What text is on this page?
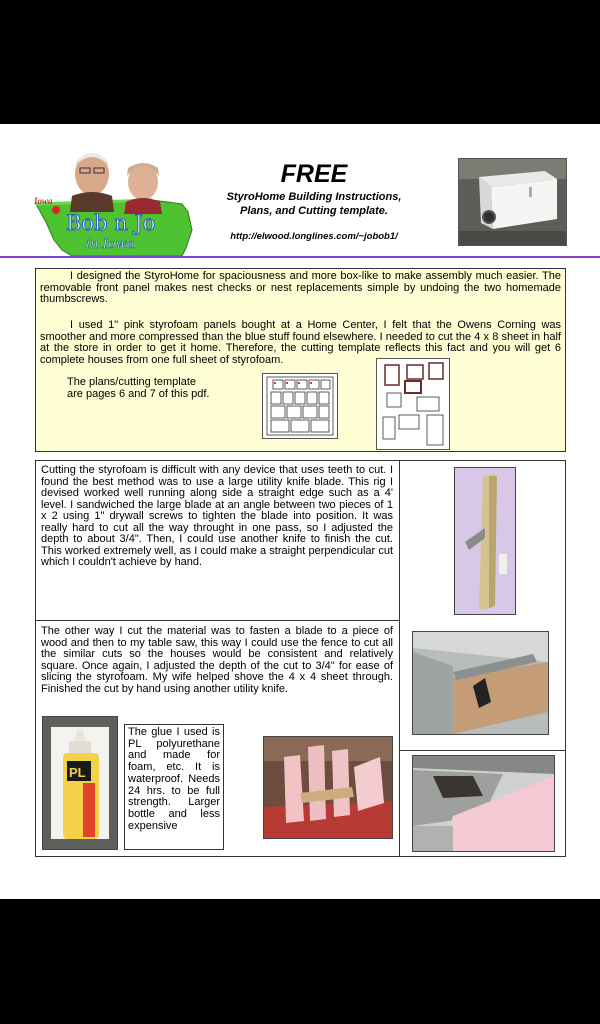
Iowa
Bob n Jo
in Iowa
FREE
StyroHome Building Instructions,
Plans, and Cutting template.
http://elwood.longlines.com/~jobob1/

I designed the StyroHome for spaciousness and more box-like to make assembly much easier. The removable front panel makes nest checks or nest replacements simple by undoing the two homemade thumbscrews.

I used 1" pink styrofoam panels bought at a Home Center, I felt that the Owens Corning was smoother and more compressed than the blue stuff found elsewhere. I needed to cut the 4 x 8 sheet in half at the store in order to get it home. Therefore, the cutting template reflects this fact and you will get 6 complete houses from one full sheet of styrofoam.

The plans/cutting template
are pages 6 and 7 of this pdf.

Cutting the styrofoam is difficult with any device that uses teeth to cut. I found the best method was to use a large utility knife blade. This rig I devised worked well running along side a straight edge such as a 4' level. I sandwiched the large blade at an angle between two pieces of 1 x 2 using 1" drywall screws to tighten the blade into position. It was really hard to cut all the way throught in one pass, so I adjusted the depth to about 3/4". Then, I could use another knife to finish the cut. This worked extremely well, as I could make a straight perpendicular cut which I couldn't achieve by hand.

The other way I cut the material was to fasten a blade to a piece of wood and then to my table saw, this way I could use the fence to cut all the similar cuts so the houses would be consistent and relatively square. Once again, I adjusted the depth of the cut to 3/4" for ease of slicing the styrofoam. My wife helped shove the 4 x 4 sheet through. Finished the cut by hand using another utility knife.

PL
The glue I used is PL polyurethane and made for foam, etc. It is waterproof. Needs 24 hrs. to be full strength. Larger bottle and less expensive
